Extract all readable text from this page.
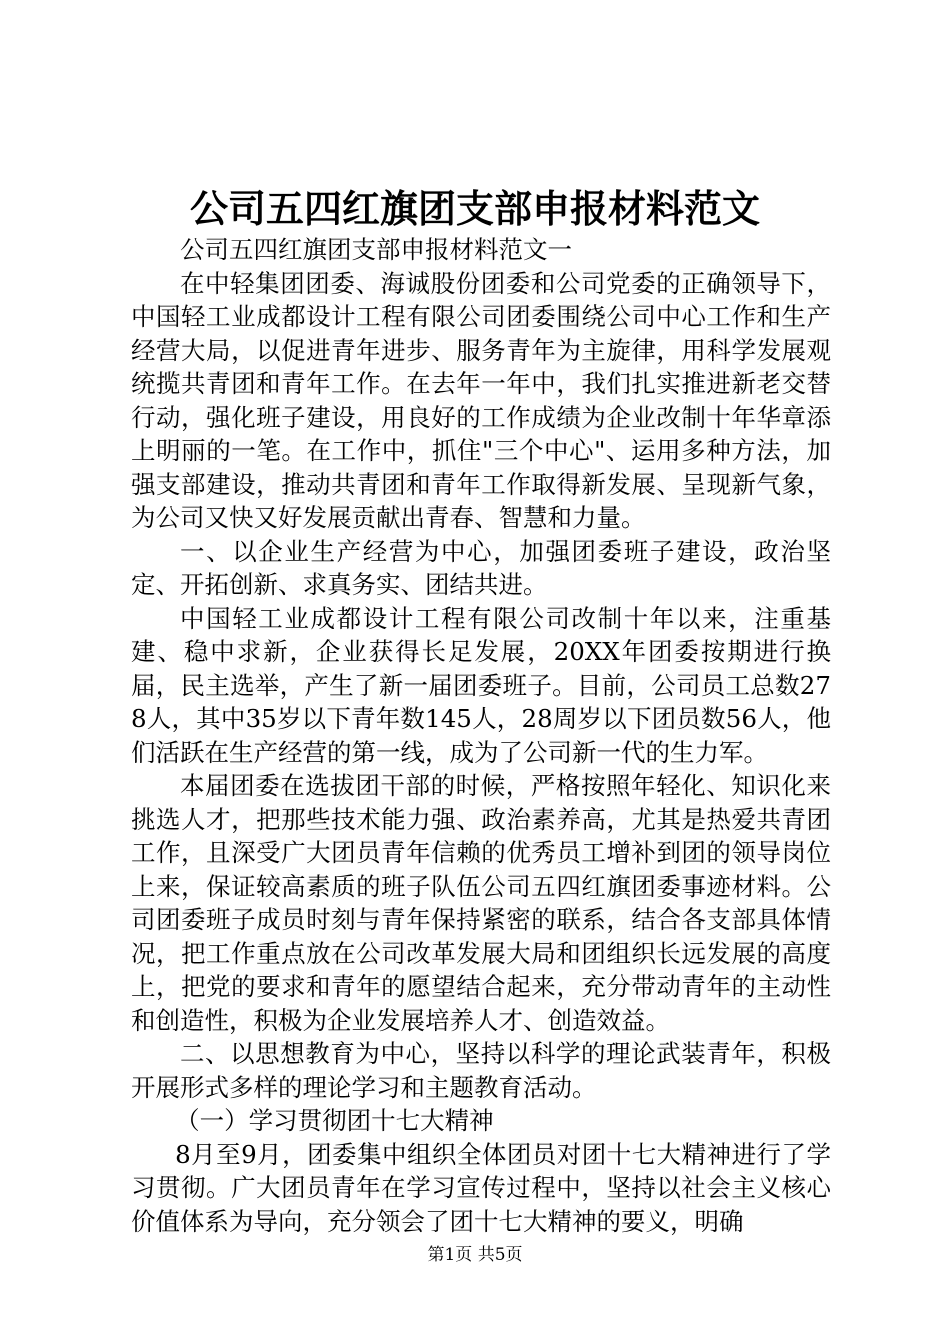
公司五四红旗团支部申报材料范文

公司五四红旗团支部申报材料范文一

在中轻集团团委、海诚股份团委和公司党委的正确领导下，中国轻工业成都设计工程有限公司团委围绕公司中心工作和生产经营大局，以促进青年进步、服务青年为主旋律，用科学发展观统揽共青团和青年工作。在去年一年中，我们扎实推进新老交替行动，强化班子建设，用良好的工作成绩为企业改制十年华章添上明丽的一笔。在工作中，抓住"三个中心"、运用多种方法，加强支部建设，推动共青团和青年工作取得新发展、呈现新气象，为公司又快又好发展贡献出青春、智慧和力量。

一、以企业生产经营为中心，加强团委班子建设，政治坚定、开拓创新、求真务实、团结共进。

中国轻工业成都设计工程有限公司改制十年以来，注重基建、稳中求新，企业获得长足发展，20XX年团委按期进行换届，民主选举，产生了新一届团委班子。目前，公司员工总数278人，其中35岁以下青年数145人，28周岁以下团员数56人，他们活跃在生产经营的第一线，成为了公司新一代的生力军。

本届团委在选拔团干部的时候，严格按照年轻化、知识化来挑选人才，把那些技术能力强、政治素养高，尤其是热爱共青团工作，且深受广大团员青年信赖的优秀员工增补到团的领导岗位上来，保证较高素质的班子队伍公司五四红旗团委事迹材料。公司团委班子成员时刻与青年保持紧密的联系，结合各支部具体情况，把工作重点放在公司改革发展大局和团组织长远发展的高度上，把党的要求和青年的愿望结合起来，充分带动青年的主动性和创造性，积极为企业发展培养人才、创造效益。

二、以思想教育为中心，坚持以科学的理论武装青年，积极开展形式多样的理论学习和主题教育活动。

（一）学习贯彻团十七大精神

8月至9月，团委集中组织全体团员对团十七大精神进行了学习贯彻。广大团员青年在学习宣传过程中，坚持以社会主义核心价值体系为导向，充分领会了团十七大精神的要义，明确

第1页 共5页
